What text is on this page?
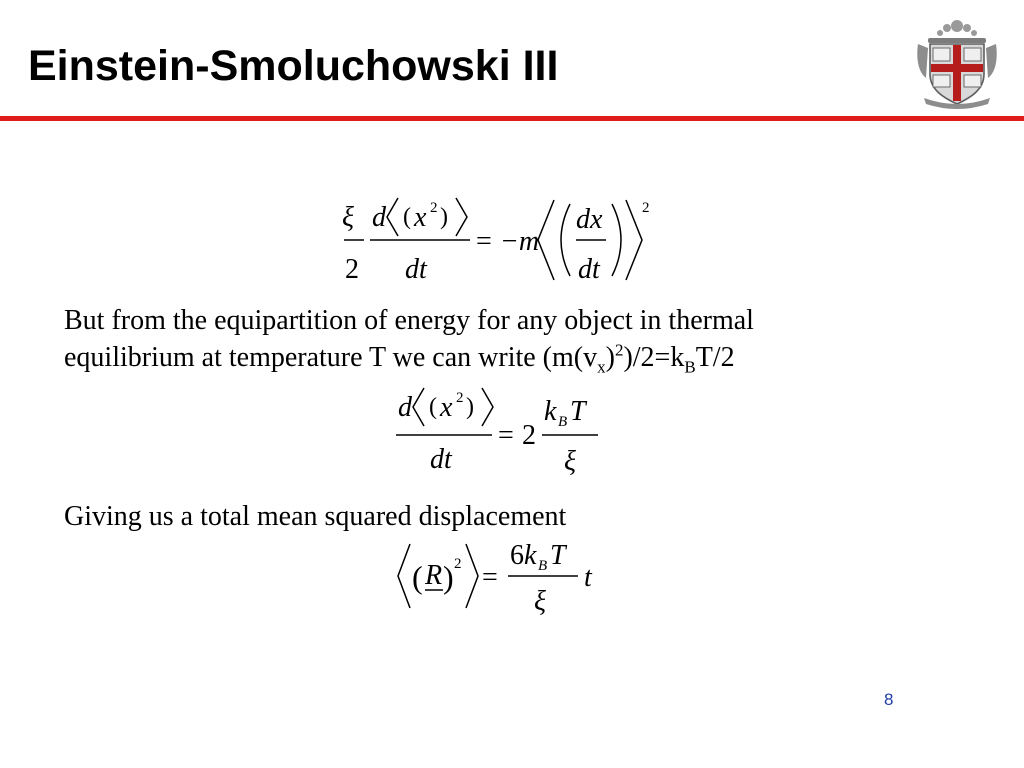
Einstein-Smoluchowski III
ξ
2
d ( x 2 )
dt
= −m
dx
dt
2

But from the equipartition of energy for any object in thermal
equilibrium at temperature T we can write $(m(v_x)^2)/2=k_BT/2$

d ( x 2 )
dt
= 2
k B T
ξ

Giving us a total mean squared displacement

( R ) 2 =
6 k B T
ξ
t
8
